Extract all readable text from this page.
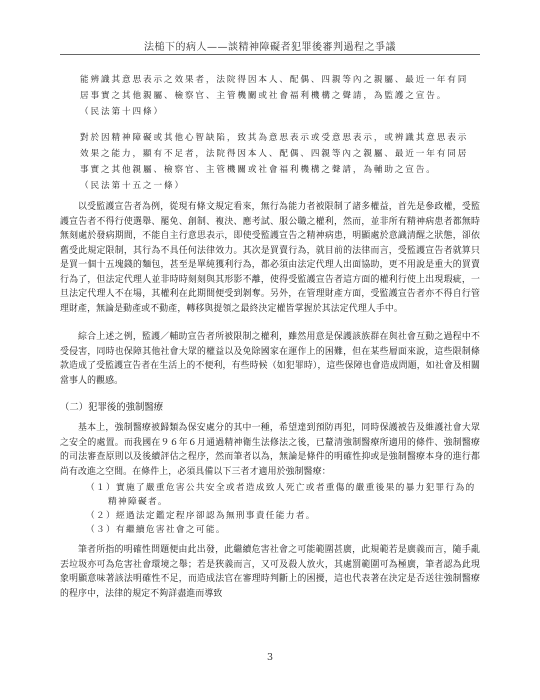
法槌下的病人——談精神障礙者犯罪後審判過程之爭議

能辨識其意思表示之效果者，法院得因本人、配偶、四親等內之親屬、最近一年有同居事實之其他親屬、檢察官、主管機關或社會福利機構之聲請，為監護之宣告。
（民法第十四條）

對於因精神障礙或其他心智缺陷，致其為意思表示或受意思表示，或辨識其意思表示效果之能力，顯有不足者，法院得因本人、配偶、四親等內之親屬、最近一年有同居事實之其他親屬、檢察官、主管機關或社會福利機構之聲請，為輔助之宣告。
（民法第十五之一條）

以受監護宣告者為例，從現有條文規定看來，無行為能力者被限制了諸多權益，首先是參政權，受監護宣告者不得行使選舉、罷免、創制、複決、應考試、服公職之權利，然而，並非所有精神病患者都無時無刻處於發病期間，不能自主行意思表示，即使受監護宣告之精神病患，明顯處於意識清醒之狀態，卻依舊受此規定限制，其行為不具任何法律效力。其次是買賣行為，就目前的法律而言，受監護宣告者就算只是買一個十五塊錢的麵包，甚至是單純獲利行為，都必須由法定代理人出面協助，更不用說是重大的買賣行為了，但法定代理人並非時時刻刻與其形影不離，使得受監護宣告者這方面的權利行使上出現瑕疵，一旦法定代理人不在場，其權利在此期間便受到剝奪。另外，在管理財產方面，受監護宣告者亦不得自行管理財產，無論是動產或不動產，轉移與提領之最終決定權皆掌握於其法定代理人手中。

綜合上述之例，監護／輔助宣告者所被限制之權利，雖然用意是保護該族群在與社會互動之過程中不受侵害，同時也保障其他社會大眾的權益以及免除國家在運作上的困難，但在某些層面來說，這些限制條款造成了受監護宣告者在生活上的不便利，有些時候（如犯罪時），這些保障也會造成問題，如社會及相關當事人的觀感。

（二）犯罪後的強制醫療

基本上，強制醫療被歸類為保安處分的其中一種，希望達到預防再犯，同時保護被告及維護社會大眾之安全的處置。而我國在９６年６月通過精神衛生法修法之後，已釐清強制醫療所適用的條件、強制醫療的司法審查原則以及後續評估之程序，然而筆者以為，無論是條件的明確性抑或是強制醫療本身的進行都尚有改進之空間。在條件上，必須具備以下三者才適用於強制醫療：

（１）實施了嚴重危害公共安全或者造成致人死亡或者重傷的嚴重後果的暴力犯罪行為的精神障礙者。
（２）經過法定鑑定程序卻認為無刑事責任能力者。
（３）有繼續危害社會之可能。

筆者所指的明確性問題便由此出發，此繼續危害社會之可能範圍甚廣，此規範若是廣義而言，隨手亂丟垃圾亦可為危害社會環境之舉；若是狹義而言，又可及殺人放火，其處罰範圍可為極廣，筆者認為此現象明顯意味著該法明確性不足，而造成法官在審理時判斷上的困擾，這也代表著在決定是否送往強制醫療的程序中，法律的規定不夠詳盡進而導致

3
